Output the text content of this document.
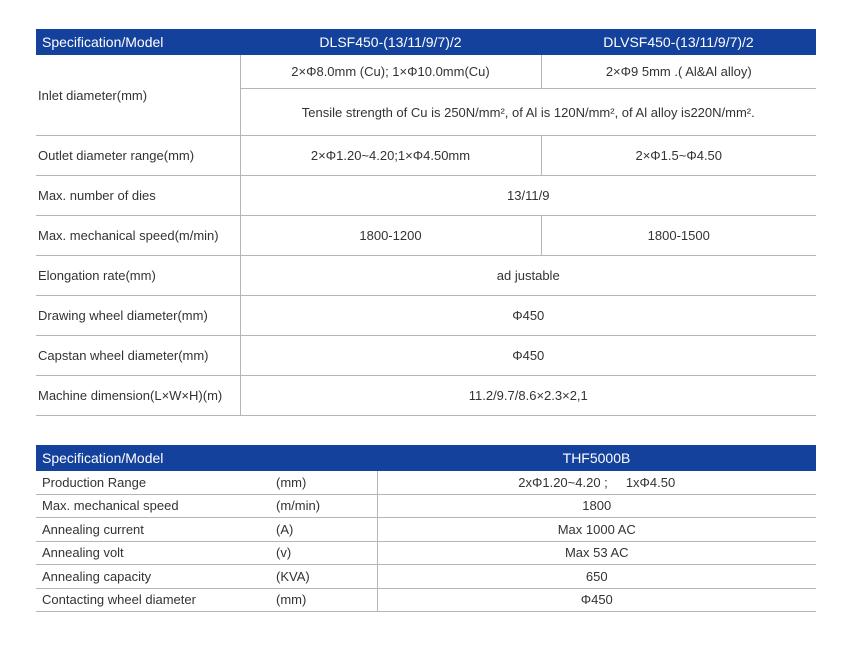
Specification/Model	DLSF450-(13/11/9/7)/2	DLVSF450-(13/11/9/7)/2
Inlet diameter(mm)	2×Φ8.0mm (Cu); 1×Φ10.0mm(Cu)	2×Φ9 5mm .( Al&Al alloy)
	Tensile strength of Cu is 250N/mm², of Al is 120N/mm², of Al alloy is220N/mm².	
Outlet diameter range(mm)	2×Φ1.20~4.20;1×Φ4.50mm	2×Φ1.5~Φ4.50
Max. number of dies	13/11/9	
Max. mechanical speed(m/min)	1800-1200	1800-1500
Elongation rate(mm)	ad justable	
Drawing wheel diameter(mm)	Φ450	
Capstan wheel diameter(mm)	Φ450	
Machine dimension(L×W×H)(m)	11.2/9.7/8.6×2.3×2,1	
Specification/Model		THF5000B
Production Range	(mm)	2xΦ1.20~4.20 ;     1xΦ4.50
Max. mechanical speed	(m/min)	1800
Annealing current	(A)	Max 1000 AC
Annealing volt	(v)	Max 53 AC
Annealing capacity	(KVA)	650
Contacting wheel diameter	(mm)	Φ450
